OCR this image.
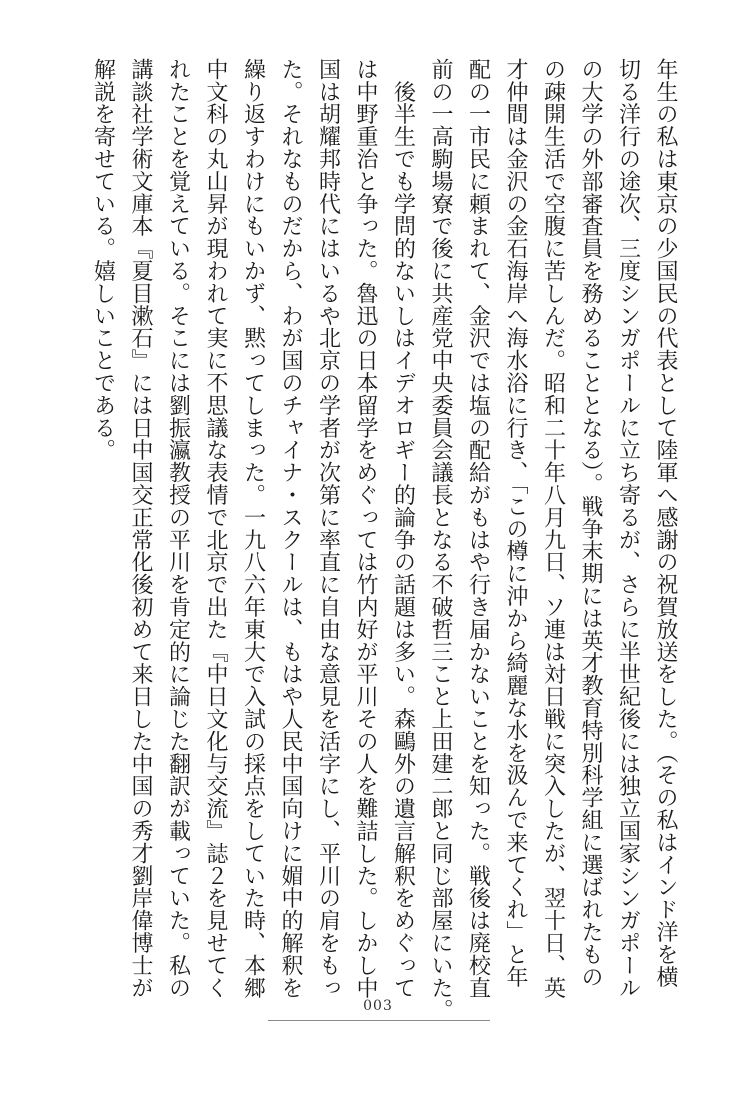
年生の私は東京の少国民の代表として陸軍へ感謝の祝賀放送をした。（その私はインド洋を横
切る洋行の途次、三度シンガポールに立ち寄るが、さらに半世紀後には独立国家シンガポール
の大学の外部審査員を務めることとなる）。戦争末期には英才教育特別科学組に選ばれたもの
の疎開生活で空腹に苦しんだ。昭和二十年八月九日、ソ連は対日戦に突入したが、翌十日、英
才仲間は金沢の金石海岸へ海水浴に行き、「この樽に沖から綺麗な水を汲んで来てくれ」と年
配の一市民に頼まれて、金沢では塩の配給がもはや行き届かないことを知った。戦後は廃校直
前の一高駒場寮で後に共産党中央委員会議長となる不破哲三こと上田建二郎と同じ部屋にいた。
　後半生でも学問的ないしはイデオロギー的論争の話題は多い。森鷗外の遺言解釈をめぐって
は中野重治と争った。魯迅の日本留学をめぐっては竹内好が平川その人を難詰した。しかし中
国は胡耀邦時代にはいるや北京の学者が次第に率直に自由な意見を活字にし、平川の肩をもっ
た。それなものだから、わが国のチャイナ・スクールは、もはや人民中国向けに媚中的解釈を
繰り返すわけにもいかず、黙ってしまった。一九八六年東大で入試の採点をしていた時、本郷
中文科の丸山昇が現われて実に不思議な表情で北京で出た『中日文化与交流』誌２を見せてく
れたことを覚えている。そこには劉振瀛教授の平川を肯定的に論じた翻訳が載っていた。私の
講談社学術文庫本『夏目漱石』には日中国交正常化後初めて来日した中国の秀才劉岸偉博士が
解説を寄せている。嬉しいことである。
003
